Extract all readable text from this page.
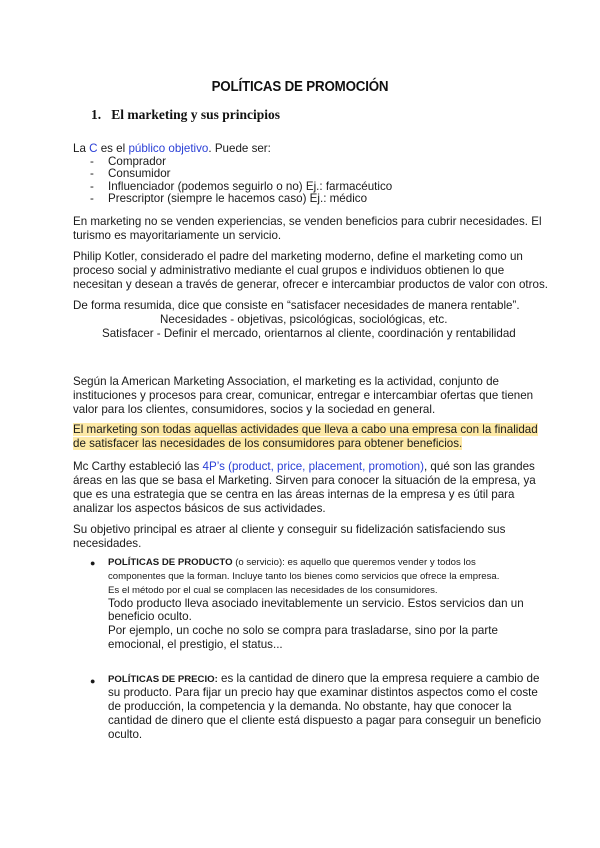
POLÍTICAS DE PROMOCIÓN
1. El marketing y sus principios
La C es el público objetivo. Puede ser:
- Comprador
- Consumidor
- Influenciador (podemos seguirlo o no) Ej.: farmacéutico
- Prescriptor (siempre le hacemos caso) Ej.: médico
En marketing no se venden experiencias, se venden beneficios para cubrir necesidades. El
turismo es mayoritariamente un servicio.
Philip Kotler, considerado el padre del marketing moderno, define el marketing como un
proceso social y administrativo mediante el cual grupos e individuos obtienen lo que
necesitan y desean a través de generar, ofrecer e intercambiar productos de valor con otros.
De forma resumida, dice que consiste en “satisfacer necesidades de manera rentable”.
Necesidades - objetivas, psicológicas, sociológicas, etc.
Satisfacer - Definir el mercado, orientarnos al cliente, coordinación y rentabilidad
Según la American Marketing Association, el marketing es la actividad, conjunto de
instituciones y procesos para crear, comunicar, entregar e intercambiar ofertas que tienen
valor para los clientes, consumidores, socios y la sociedad en general.
El marketing son todas aquellas actividades que lleva a cabo una empresa con la finalidad
de satisfacer las necesidades de los consumidores para obtener beneficios.
Mc Carthy estableció las 4P’s (product, price, placement, promotion), qué son las grandes
áreas en las que se basa el Marketing. Sirven para conocer la situación de la empresa, ya
que es una estrategia que se centra en las áreas internas de la empresa y es útil para
analizar los aspectos básicos de sus actividades.
Su objetivo principal es atraer al cliente y conseguir su fidelización satisfaciendo sus
necesidades.
● POLÍTICAS DE PRODUCTO (o servicio): es aquello que queremos vender y todos los
componentes que la forman. Incluye tanto los bienes como servicios que ofrece la empresa.
Es el método por el cual se complacen las necesidades de los consumidores.
Todo producto lleva asociado inevitablemente un servicio. Estos servicios dan un
beneficio oculto.
Por ejemplo, un coche no solo se compra para trasladarse, sino por la parte
emocional, el prestigio, el status...
● POLÍTICAS DE PRECIO: es la cantidad de dinero que la empresa requiere a cambio de
su producto. Para fijar un precio hay que examinar distintos aspectos como el coste
de producción, la competencia y la demanda. No obstante, hay que conocer la
cantidad de dinero que el cliente está dispuesto a pagar para conseguir un beneficio
oculto.
